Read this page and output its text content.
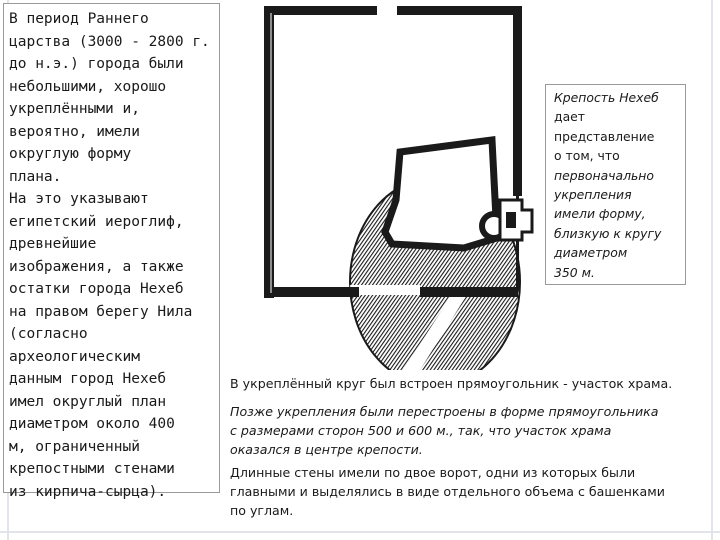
В период Раннего
царства (3000 - 2800 г.
до н.э.) города были
небольшими, хорошо
укреплёнными и,
вероятно, имели
округлую форму
плана.
На это указывают
египетский иероглиф,
древнейшие
изображения, а также
остатки города Нехеб
на правом берегу Нила
(согласно
археологическим
данным город Нехеб
имел округлый план
диаметром около 400
м, ограниченный
крепостными стенами
из кирпича-сырца).
Крепость Нехеб
дает
представление
о том, что
первоначально
укрепления
имели форму,
близкую к кругу
диаметром
350 м.
В укреплённый круг был встроен прямоугольник - участок храма.
Позже укрепления были перестроены в форме прямоугольника
с размерами сторон 500 и 600 м., так, что участок храма
оказался в центре крепости.
Длинные стены имели по двое ворот, одни из которых были
главными и выделялись в виде отдельного объема с башенками
по углам.
